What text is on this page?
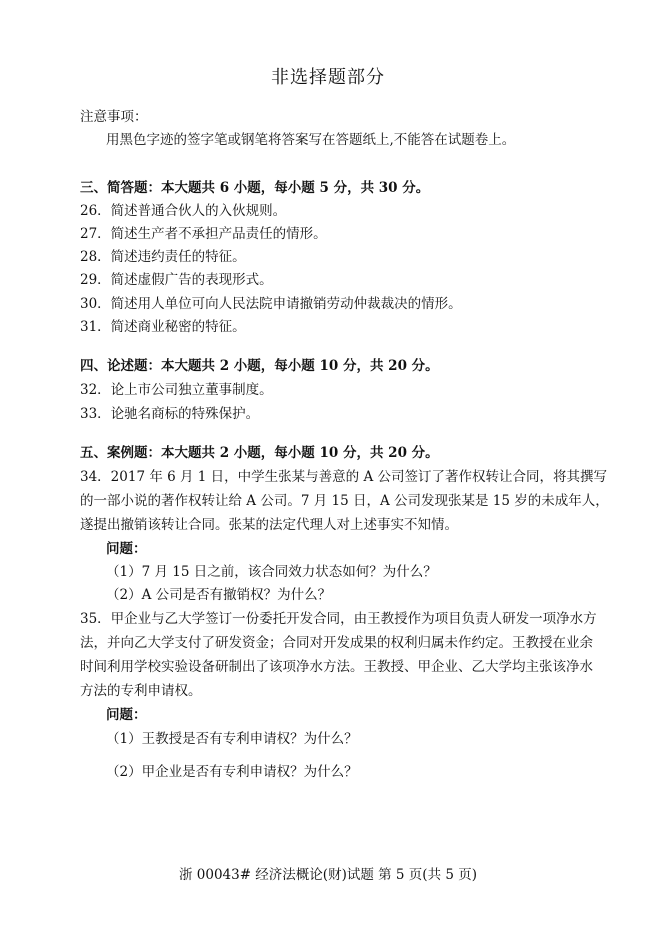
非选择题部分
注意事项：
用黑色字迹的签字笔或钢笔将答案写在答题纸上,不能答在试题卷上。
三、简答题：本大题共 6 小题，每小题 5 分，共 30 分。
26．简述普通合伙人的入伙规则。
27．简述生产者不承担产品责任的情形。
28．简述违约责任的特征。
29．简述虚假广告的表现形式。
30．简述用人单位可向人民法院申请撤销劳动仲裁裁决的情形。
31．简述商业秘密的特征。
四、论述题：本大题共 2 小题，每小题 10 分，共 20 分。
32．论上市公司独立董事制度。
33．论驰名商标的特殊保护。
五、案例题：本大题共 2 小题，每小题 10 分，共 20 分。
34．2017 年 6 月 1 日，中学生张某与善意的 A 公司签订了著作权转让合同，将其撰写
的一部小说的著作权转让给 A 公司。7 月 15 日，A 公司发现张某是 15 岁的未成年人，
遂提出撤销该转让合同。张某的法定代理人对上述事实不知情。
问题：
（1）7 月 15 日之前，该合同效力状态如何？为什么？
（2）A 公司是否有撤销权？为什么？
35．甲企业与乙大学签订一份委托开发合同，由王教授作为项目负责人研发一项净水方
法，并向乙大学支付了研发资金；合同对开发成果的权利归属未作约定。王教授在业余
时间利用学校实验设备研制出了该项净水方法。王教授、甲企业、乙大学均主张该净水
方法的专利申请权。
问题：
（1）王教授是否有专利申请权？为什么？
（2）甲企业是否有专利申请权？为什么？
浙 00043# 经济法概论(财)试题 第 5 页(共 5 页)
